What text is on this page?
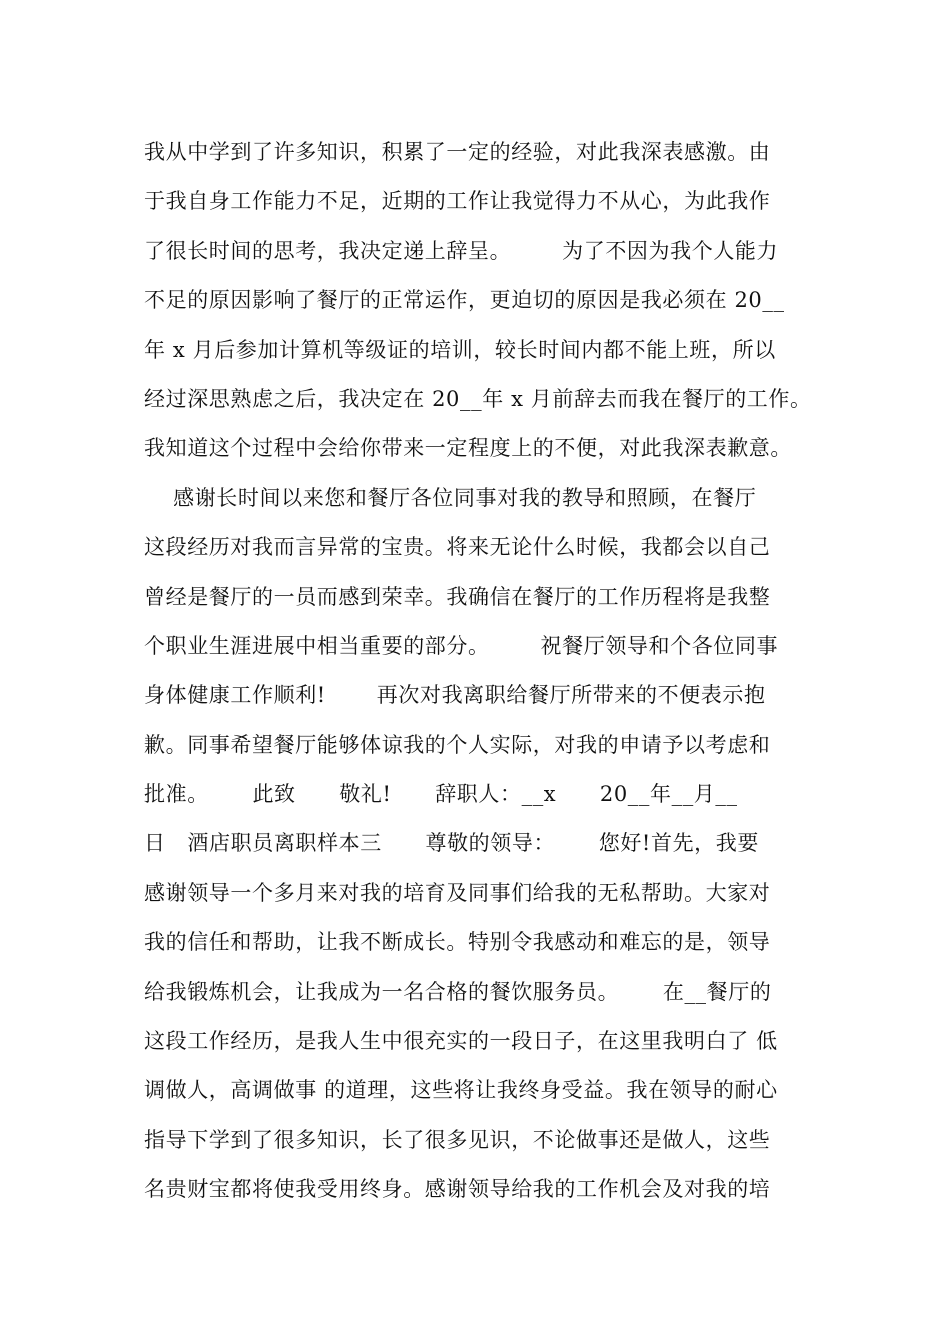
我从中学到了许多知识，积累了一定的经验，对此我深表感激。由
于我自身工作能力不足，近期的工作让我觉得力不从心，为此我作
了很长时间的思考，我决定递上辞呈。       为了不因为我个人能力
不足的原因影响了餐厅的正常运作，更迫切的原因是我必须在 20__
年 x 月后参加计算机等级证的培训，较长时间内都不能上班，所以
经过深思熟虑之后，我决定在 20__年 x 月前辞去而我在餐厅的工作。
我知道这个过程中会给你带来一定程度上的不便，对此我深表歉意。
感谢长时间以来您和餐厅各位同事对我的教导和照顾，在餐厅
这段经历对我而言异常的宝贵。将来无论什么时候，我都会以自己
曾经是餐厅的一员而感到荣幸。我确信在餐厅的工作历程将是我整
个职业生涯进展中相当重要的部分。       祝餐厅领导和个各位同事
身体健康工作顺利!       再次对我离职给餐厅所带来的不便表示抱
歉。同事希望餐厅能够体谅我的个人实际，对我的申请予以考虑和
批准。      此致      敬礼!      辞职人：__x      20__年__月__
日   酒店职员离职样本三      尊敬的领导：      您好!首先，我要
感谢领导一个多月来对我的培育及同事们给我的无私帮助。大家对
我的信任和帮助，让我不断成长。特别令我感动和难忘的是，领导
给我锻炼机会，让我成为一名合格的餐饮服务员。      在__餐厅的
这段工作经历，是我人生中很充实的一段日子，在这里我明白了 低
调做人，高调做事 的道理，这些将让我终身受益。我在领导的耐心
指导下学到了很多知识，长了很多见识，不论做事还是做人，这些
名贵财宝都将使我受用终身。感谢领导给我的工作机会及对我的培
